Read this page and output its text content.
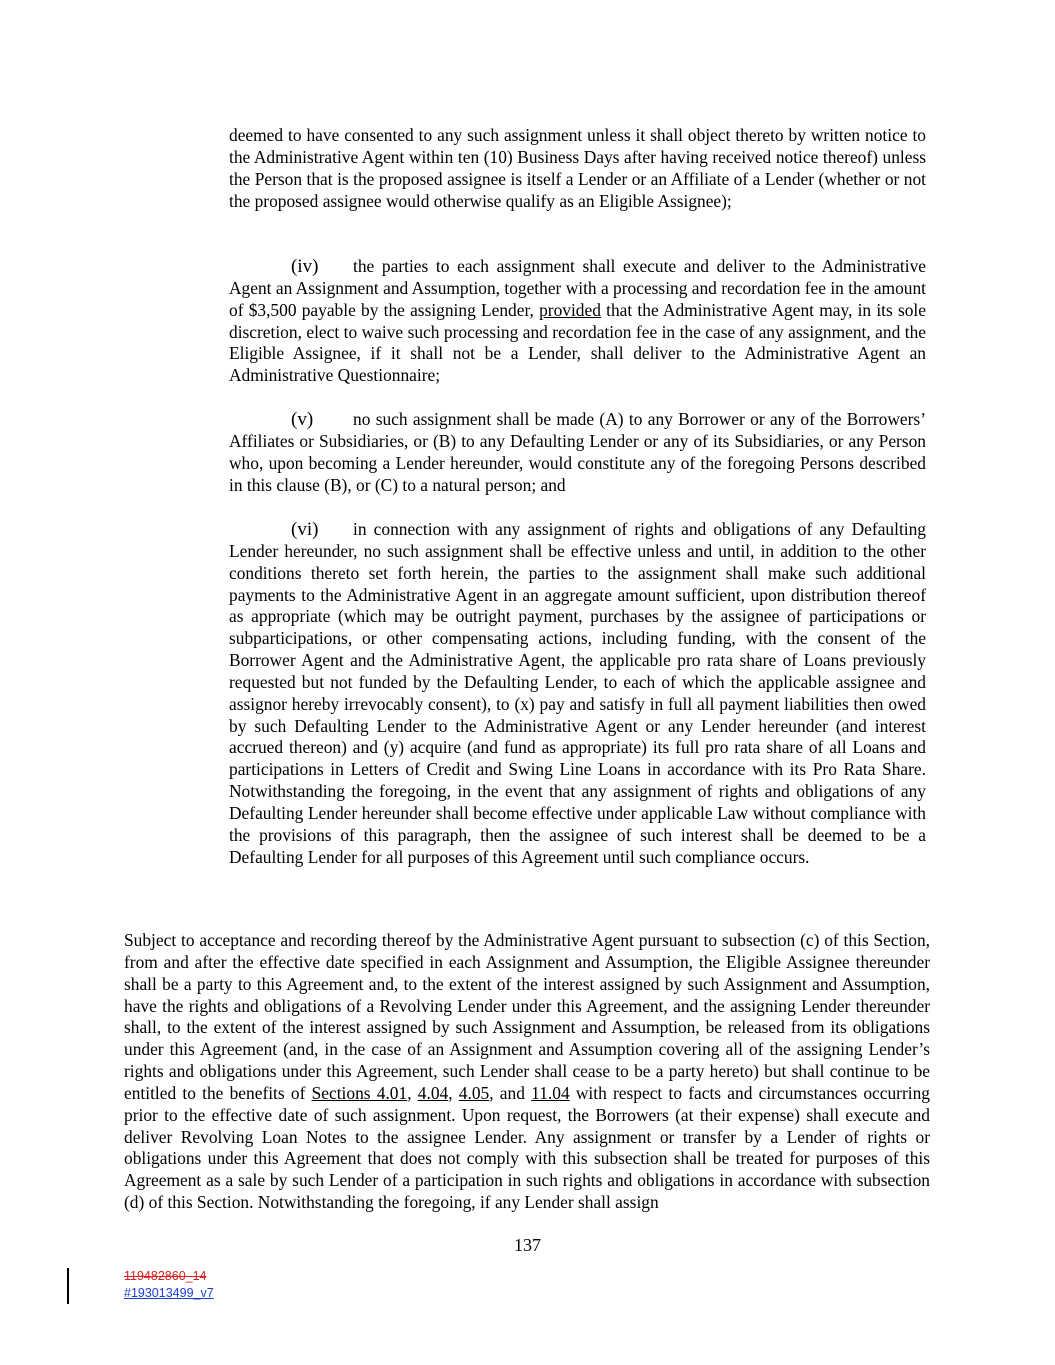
deemed to have consented to any such assignment unless it shall object thereto by written notice to the Administrative Agent within ten (10) Business Days after having received notice thereof) unless the Person that is the proposed assignee is itself a Lender or an Affiliate of a Lender (whether or not the proposed assignee would otherwise qualify as an Eligible Assignee);

(iv) the parties to each assignment shall execute and deliver to the Administrative Agent an Assignment and Assumption, together with a processing and recordation fee in the amount of $3,500 payable by the assigning Lender, provided that the Administrative Agent may, in its sole discretion, elect to waive such processing and recordation fee in the case of any assignment, and the Eligible Assignee, if it shall not be a Lender, shall deliver to the Administrative Agent an Administrative Questionnaire;

(v) no such assignment shall be made (A) to any Borrower or any of the Borrowers’ Affiliates or Subsidiaries, or (B) to any Defaulting Lender or any of its Subsidiaries, or any Person who, upon becoming a Lender hereunder, would constitute any of the foregoing Persons described in this clause (B), or (C) to a natural person; and

(vi) in connection with any assignment of rights and obligations of any Defaulting Lender hereunder, no such assignment shall be effective unless and until, in addition to the other conditions thereto set forth herein, the parties to the assignment shall make such additional payments to the Administrative Agent in an aggregate amount sufficient, upon distribution thereof as appropriate (which may be outright payment, purchases by the assignee of participations or subparticipations, or other compensating actions, including funding, with the consent of the Borrower Agent and the Administrative Agent, the applicable pro rata share of Loans previously requested but not funded by the Defaulting Lender, to each of which the applicable assignee and assignor hereby irrevocably consent), to (x) pay and satisfy in full all payment liabilities then owed by such Defaulting Lender to the Administrative Agent or any Lender hereunder (and interest accrued thereon) and (y) acquire (and fund as appropriate) its full pro rata share of all Loans and participations in Letters of Credit and Swing Line Loans in accordance with its Pro Rata Share. Notwithstanding the foregoing, in the event that any assignment of rights and obligations of any Defaulting Lender hereunder shall become effective under applicable Law without compliance with the provisions of this paragraph, then the assignee of such interest shall be deemed to be a Defaulting Lender for all purposes of this Agreement until such compliance occurs.

Subject to acceptance and recording thereof by the Administrative Agent pursuant to subsection (c) of this Section, from and after the effective date specified in each Assignment and Assumption, the Eligible Assignee thereunder shall be a party to this Agreement and, to the extent of the interest assigned by such Assignment and Assumption, have the rights and obligations of a Revolving Lender under this Agreement, and the assigning Lender thereunder shall, to the extent of the interest assigned by such Assignment and Assumption, be released from its obligations under this Agreement (and, in the case of an Assignment and Assumption covering all of the assigning Lender’s rights and obligations under this Agreement, such Lender shall cease to be a party hereto) but shall continue to be entitled to the benefits of Sections 4.01, 4.04, 4.05, and 11.04 with respect to facts and circumstances occurring prior to the effective date of such assignment. Upon request, the Borrowers (at their expense) shall execute and deliver Revolving Loan Notes to the assignee Lender. Any assignment or transfer by a Lender of rights or obligations under this Agreement that does not comply with this subsection shall be treated for purposes of this Agreement as a sale by such Lender of a participation in such rights and obligations in accordance with subsection (d) of this Section. Notwithstanding the foregoing, if any Lender shall assign

137
119482860_14
#193013499_v7
